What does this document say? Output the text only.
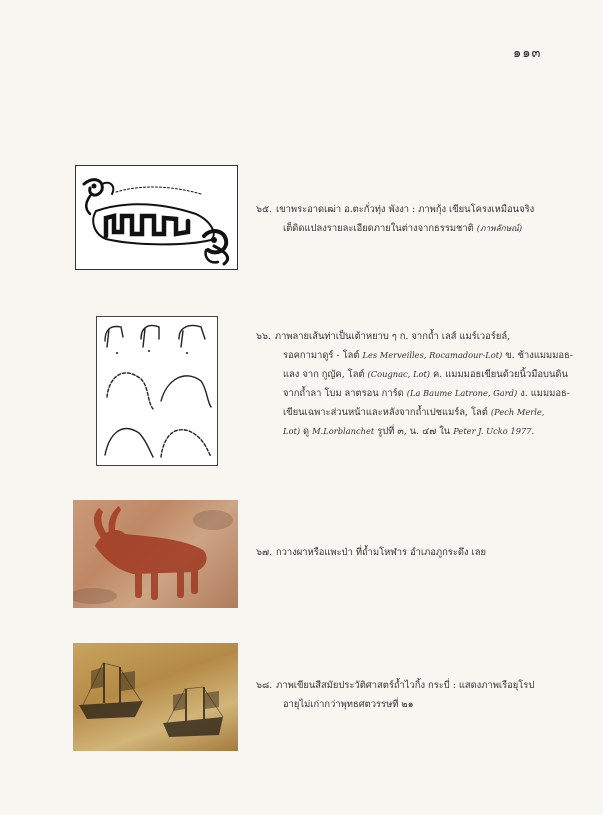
๑๑๓
๖๕. เขาพระอาดเฒ่า อ.ตะกั่วทุ่ง พังงา : ภาพกุ้ง เขียนโครงเหมือนจริง
เต็ดิดแปลงรายละเอียดภายในต่างจากธรรมชาติ (ภาพลักษณ์)
๖๖. ภาพลายเส้นท่าเป็นเต้าหยาบ ๆ ก. จากถ้ำ เลส์ แมร์เวอร์ยล์,
รอคกามาดูร์ - โลต์ Les Merveilles, Rocamadour-Lot) ข. ช้างแมมมอธ-
แลง จาก กูญัค, โลต์ (Cougnac, Lot) ค. แมมมอธเขียนด้วยนิ้วมือบนดิน
จากถ้ำลา โบม ลาตรอน การ์ด (La Baume Latrone, Gard) ง. แมมมอธ-
เขียนเฉพาะส่วนหน้าและหลังจากถ้ำเปชแมร์ล, โลต์ (Pech Merle,
Lot) ดู M.Lorblanchet รูปที่ ๓, น. ๔๗ ใน Peter J. Ucko 1977.
๖๗. กวางผาหรือแพะป่า ที่ถ้ำมโหฬาร อำเภอภูกระดึง เลย
๖๘. ภาพเขียนสีสมัยประวัติศาสตร์ถ้ำไวกิ้ง กระบี่ : แสดงภาพเรือยุโรป
อายุไม่เก่ากว่าพุทธศตวรรษที่ ๒๑
